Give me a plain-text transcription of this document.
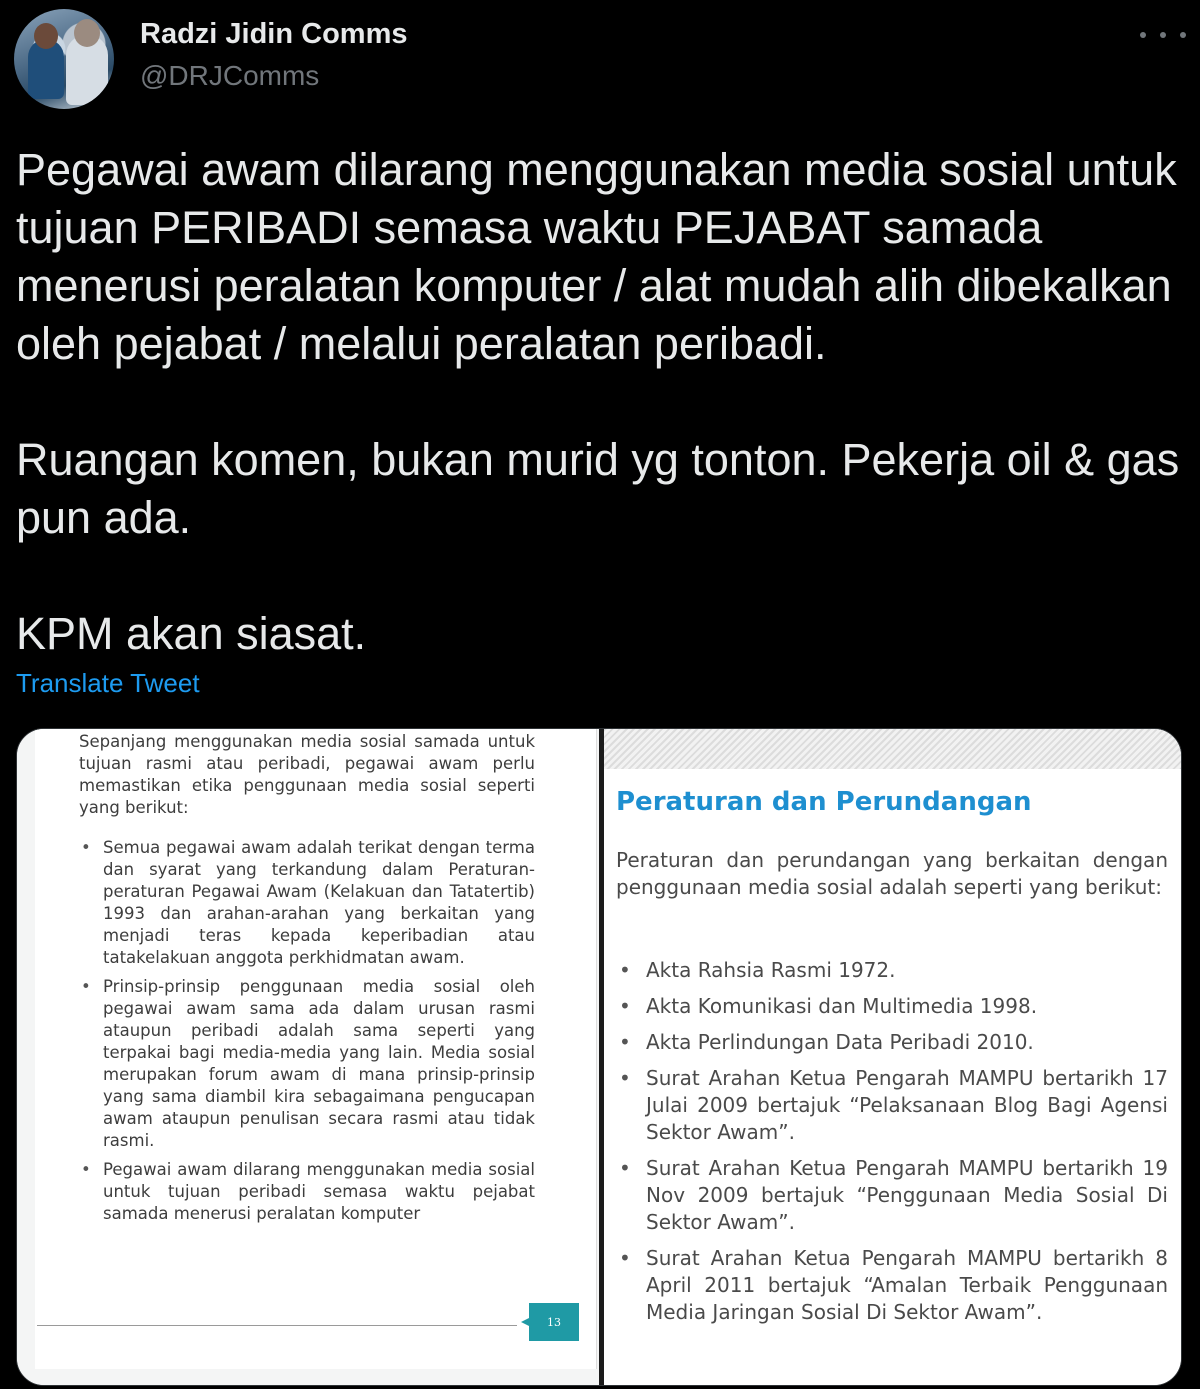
Radzi Jidin Comms
@DRJComms

Pegawai awam dilarang menggunakan media sosial untuk tujuan PERIBADI semasa waktu PEJABAT samada menerusi peralatan komputer / alat mudah alih dibekalkan oleh pejabat / melalui peralatan peribadi.

Ruangan komen, bukan murid yg tonton. Pekerja oil & gas pun ada.

KPM akan siasat.

Translate Tweet
Sepanjang menggunakan media sosial samada untuk tujuan rasmi atau peribadi, pegawai awam perlu memastikan etika penggunaan media sosial seperti yang berikut:
• Semua pegawai awam adalah terikat dengan terma dan syarat yang terkandung dalam Peraturan-peraturan Pegawai Awam (Kelakuan dan Tatatertib) 1993 dan arahan-arahan yang berkaitan yang menjadi teras kepada keperibadian atau tatakelakuan anggota perkhidmatan awam.
• Prinsip-prinsip penggunaan media sosial oleh pegawai awam sama ada dalam urusan rasmi ataupun peribadi adalah sama seperti yang terpakai bagi media-media yang lain. Media sosial merupakan forum awam di mana prinsip-prinsip yang sama diambil kira sebagaimana pengucapan awam ataupun penulisan secara rasmi atau tidak rasmi.
• Pegawai awam dilarang menggunakan media sosial untuk tujuan peribadi semasa waktu pejabat samada menerusi peralatan komputer
13
Peraturan dan Perundangan
Peraturan dan perundangan yang berkaitan dengan penggunaan media sosial adalah seperti yang berikut:
• Akta Rahsia Rasmi 1972.
• Akta Komunikasi dan Multimedia 1998.
• Akta Perlindungan Data Peribadi 2010.
• Surat Arahan Ketua Pengarah MAMPU bertarikh 17 Julai 2009 bertajuk “Pelaksanaan Blog Bagi Agensi Sektor Awam”.
• Surat Arahan Ketua Pengarah MAMPU bertarikh 19 Nov 2009 bertajuk “Penggunaan Media Sosial Di Sektor Awam”.
• Surat Arahan Ketua Pengarah MAMPU bertarikh 8 April 2011 bertajuk “Amalan Terbaik Penggunaan Media Jaringan Sosial Di Sektor Awam”.
